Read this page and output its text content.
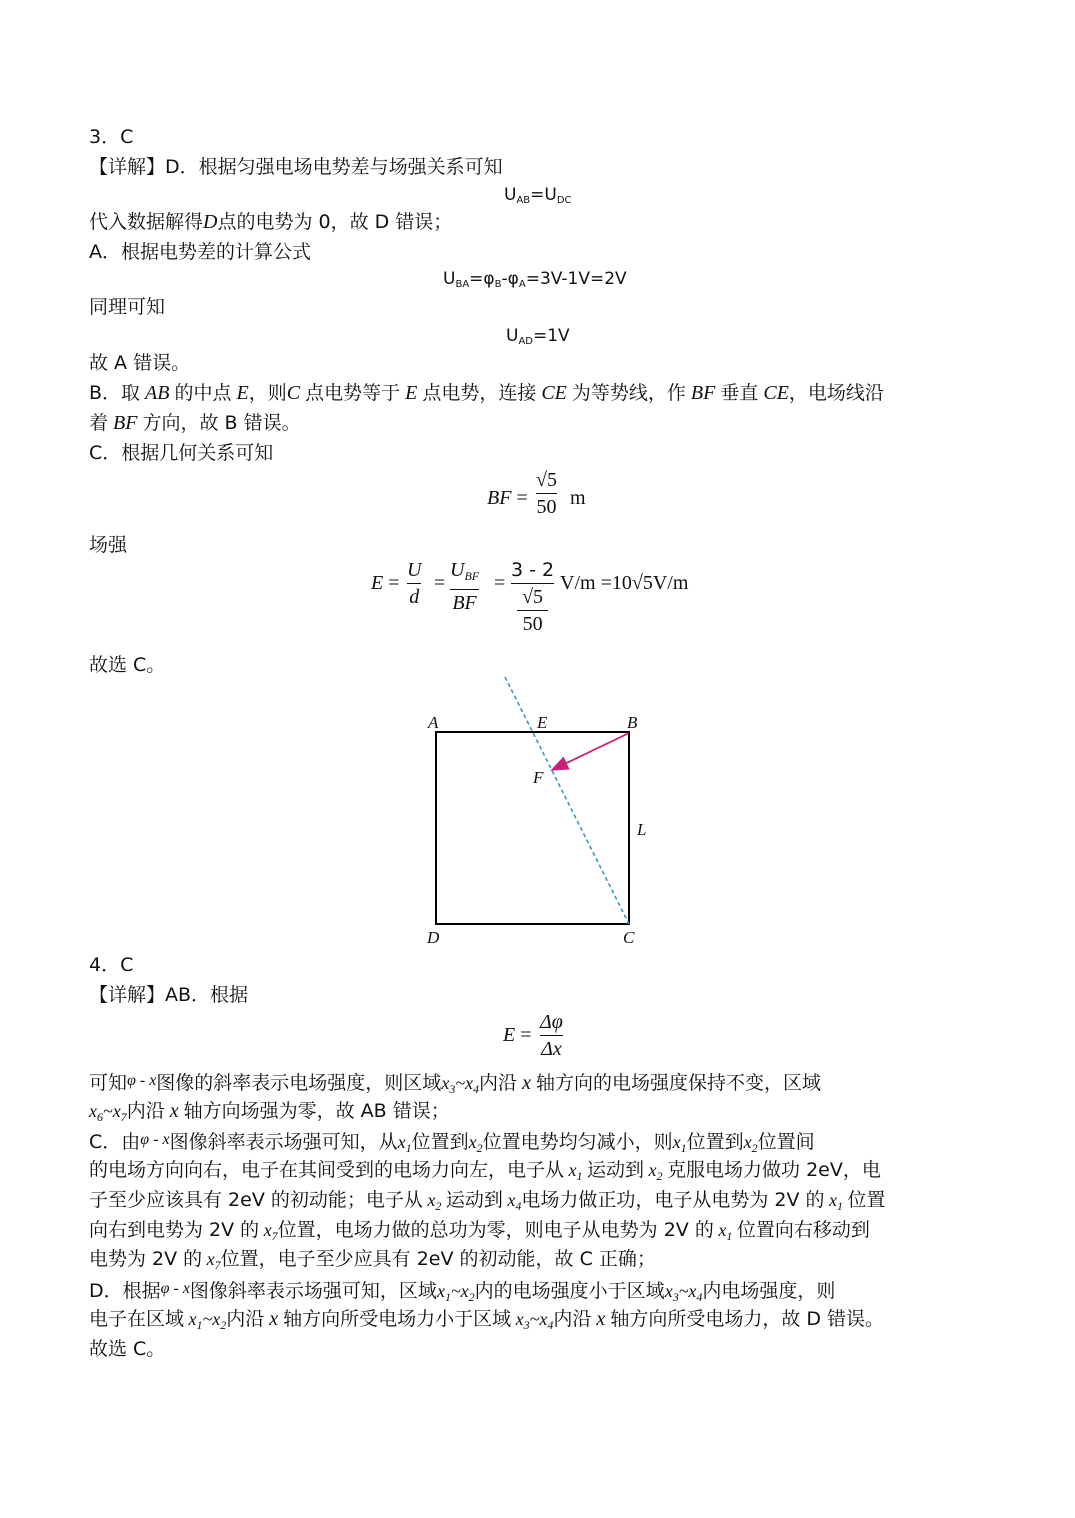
3．C
【详解】D．根据匀强电场电势差与场强关系可知
$U_{AB}=U_{DC}$
代入数据解得D点的电势为 0，故 D 错误；
A．根据电势差的计算公式
$U_{BA}=\varphi_B-\varphi_A=3V-1V=2V$
同理可知
$U_{AD}=1V$
故 A 错误。
B．取 AB 的中点 E，则C 点电势等于 E 点电势，连接 CE 为等势线，作 BF 垂直 CE，电场线沿
着 BF 方向，故 B 错误。
C．根据几何关系可知
BF =
√5
50 m
场强
E =
U
d
=
$U_{BF}$
BF
=
3 - 2
√5
50
V/m =10√5V/m
故选 C。
A	E	B
F
L
D	C
4．C
【详解】AB．根据
E =
Δφ
Δx
可知$^{\varphi - x}$图像的斜率表示电场强度，则区域$x_3\sim x_4$内沿 x 轴方向的电场强度保持不变，区域
$x_6\sim x_7$内沿 x 轴方向场强为零，故 AB 错误；
C．由$^{\varphi - x}$图像斜率表示场强可知，从$x_1$位置到$x_2$位置电势均匀减小，则$x_1$位置到$x_2$位置间
的电场方向向右，电子在其间受到的电场力向左，电子从 $x_1$ 运动到 $x_2$ 克服电场力做功 2eV，电
子至少应该具有 2eV 的初动能；电子从 $x_2$ 运动到 $x_4$电场力做正功，电子从电势为 2V 的 $x_1$ 位置
向右到电势为 2V 的 $x_7$位置，电场力做的总功为零，则电子从电势为 2V 的 $x_1$ 位置向右移动到
电势为 2V 的 $x_7$位置，电子至少应具有 2eV 的初动能，故 C 正确；
D．根据$^{\varphi - x}$图像斜率表示场强可知，区域$x_1\sim x_2$内的电场强度小于区域$x_3\sim x_4$内电场强度，则
电子在区域 $x_1\sim x_2$内沿 x 轴方向所受电场力小于区域 $x_3\sim x_4$内沿 x 轴方向所受电场力，故 D 错误。
故选 C。
